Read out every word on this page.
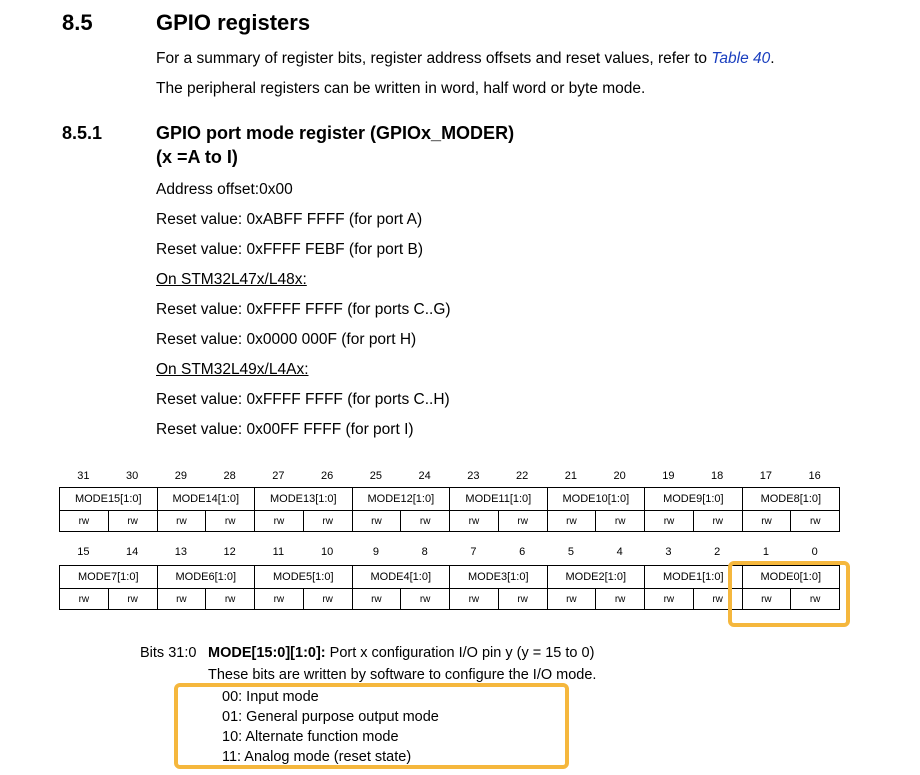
8.5	GPIO registers
For a summary of register bits, register address offsets and reset values, refer to Table 40.
The peripheral registers can be written in word, half word or byte mode.
8.5.1	GPIO port mode register (GPIOx_MODER)
(x =A to I)
Address offset:0x00
Reset value: 0xABFF FFFF (for port A)
Reset value: 0xFFFF FEBF (for port B)
On STM32L47x/L48x:
Reset value: 0xFFFF FFFF (for ports C..G)
Reset value: 0x0000 000F (for port H)
On STM32L49x/L4Ax:
Reset value: 0xFFFF FFFF (for ports C..H)
Reset value: 0x00FF FFFF (for port I)
31	30	29	28	27	26	25	24	23	22	21	20	19	18	17	16
MODE15[1:0]		MODE14[1:0]		MODE13[1:0]		MODE12[1:0]		MODE11[1:0]		MODE10[1:0]		MODE9[1:0]		MODE8[1:0]	
rw	rw	rw	rw	rw	rw	rw	rw	rw	rw	rw	rw	rw	rw	rw	rw
15	14	13	12	11	10	9	8	7	6	5	4	3	2	1	0
MODE7[1:0]		MODE6[1:0]		MODE5[1:0]		MODE4[1:0]		MODE3[1:0]		MODE2[1:0]		MODE1[1:0]		MODE0[1:0]	
rw	rw	rw	rw	rw	rw	rw	rw	rw	rw	rw	rw	rw	rw	rw	rw
Bits 31:0 MODE[15:0][1:0]: Port x configuration I/O pin y (y = 15 to 0)
These bits are written by software to configure the I/O mode.
00: Input mode
01: General purpose output mode
10: Alternate function mode
11: Analog mode (reset state)
